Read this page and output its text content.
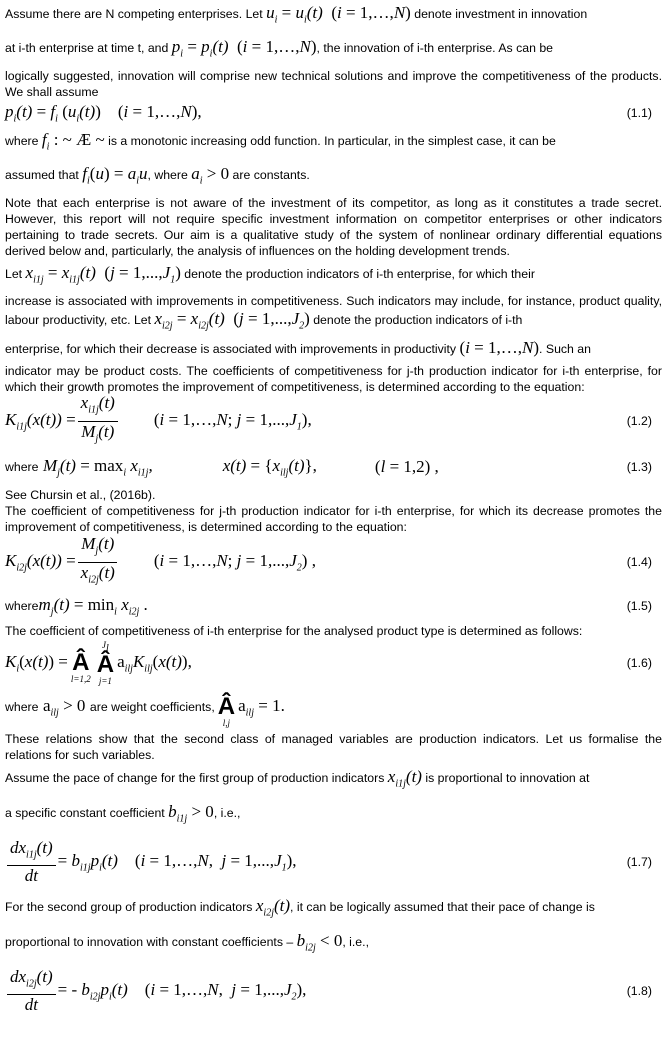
Assume there are N competing enterprises. Let $u_i = u_i(t) (i$ = 1,…,N) denote investment in innovation
at i-th enterprise at time t, and $p_i = p_i(t) (i$ = 1,…,N), the innovation of i-th enterprise. As can be

logically suggested, innovation will comprise new technical solutions and improve the competitiveness of the products. We shall assume

$p_i(t) = f_i$ $(u_i(t)) (i$ = 1,…,N),	(1.1)

where $f_i$ : ~ Æ ~ is a monotonic increasing odd function. In particular, in the simplest case, it can be
assumed that $f_i(u) = a_iu$, where $a_i > 0$ are constants.

Note that each enterprise is not aware of the investment of its competitor, as long as it constitutes a trade secret. However, this report will not require specific investment information on competitor enterprises or other indicators pertaining to trade secrets. Our aim is a qualitative study of the system of nonlinear ordinary differential equations derived below and, particularly, the analysis of influences on the holding development trends.

Let $x_{i1j} = x_{i1j}(t) (j = 1,...,J_1)$ denote the production indicators of i-th enterprise, for which their

increase is associated with improvements in competitiveness. Such indicators may include, for instance, product quality, labour productivity, etc. Let $x_{i2j} = x_{i2j}(t) (j = 1,...,J_2)$ denote the production indicators of i-th

enterprise, for which their decrease is associated with improvements in productivity (i = 1,…,N). Such an

indicator may be product costs. The coefficients of competitiveness for j-th production indicator for i-th enterprise, for which their growth promotes the improvement of competitiveness, is determined according to the equation:

$K_{i1j}(x(t)) = \frac{x_{i1j}(t)}{M_j(t)} (i$ = 1,…,N; $j = 1,...,J_1$),	(1.2)
where
$M_j(t) = \max_i x_{i1j}$,	$x(t) = \{x_{ilj}(t)\}$,	(l = 1,2) ,	(1.3)

See Chursin et al., (2016b).

The coefficient of competitiveness for j-th production indicator for i-th enterprise, for which its decrease promotes the improvement of competitiveness, is determined according to the equation:

$K_{i2j}(x(t)) = \frac{M_j(t)}{x_{i2j}(t)} (i$ = 1,…,N; $j = 1,...,J_2$) ,	(1.4)
where $m_j(t) = \min_i x_{i2j}$ .	(1.5)

The coefficient of competitiveness of i-th enterprise for the analysed product type is determined as follows:

$K_i(x(t))$ =
Â
l=1,2
$J_l$
Â
j=1
$a_{ilj}K_{ilj}(x(t))$,	(1.6)
where
$a_{ilj} > 0$
are weight coefficients,
Â
l,j
$a_{ilj} = 1$.

These relations show that the second class of managed variables are production indicators. Let us formalise the relations for such variables.

Assume the pace of change for the first group of production indicators $x_{i1j}(t)$ is proportional to innovation at
a specific constant coefficient $b_{i1j} > 0$, i.e.,

$\frac{dx_{i1j}(t)}{dt} = b_{i1j}p_i(t)$    (i = 1,…,N,  $j = 1,...,J_1$),	(1.7)

For the second group of production indicators $x_{i2j}(t)$, it can be logically assumed that their pace of change is
proportional to innovation with constant coefficients – $b_{i2j} < 0$, i.e.,

$\frac{dx_{i2j}(t)}{dt}$ = - $b_{i2j}p_i(t)$    (i = 1,…,N,  $j = 1,...,J_2$),	(1.8)
